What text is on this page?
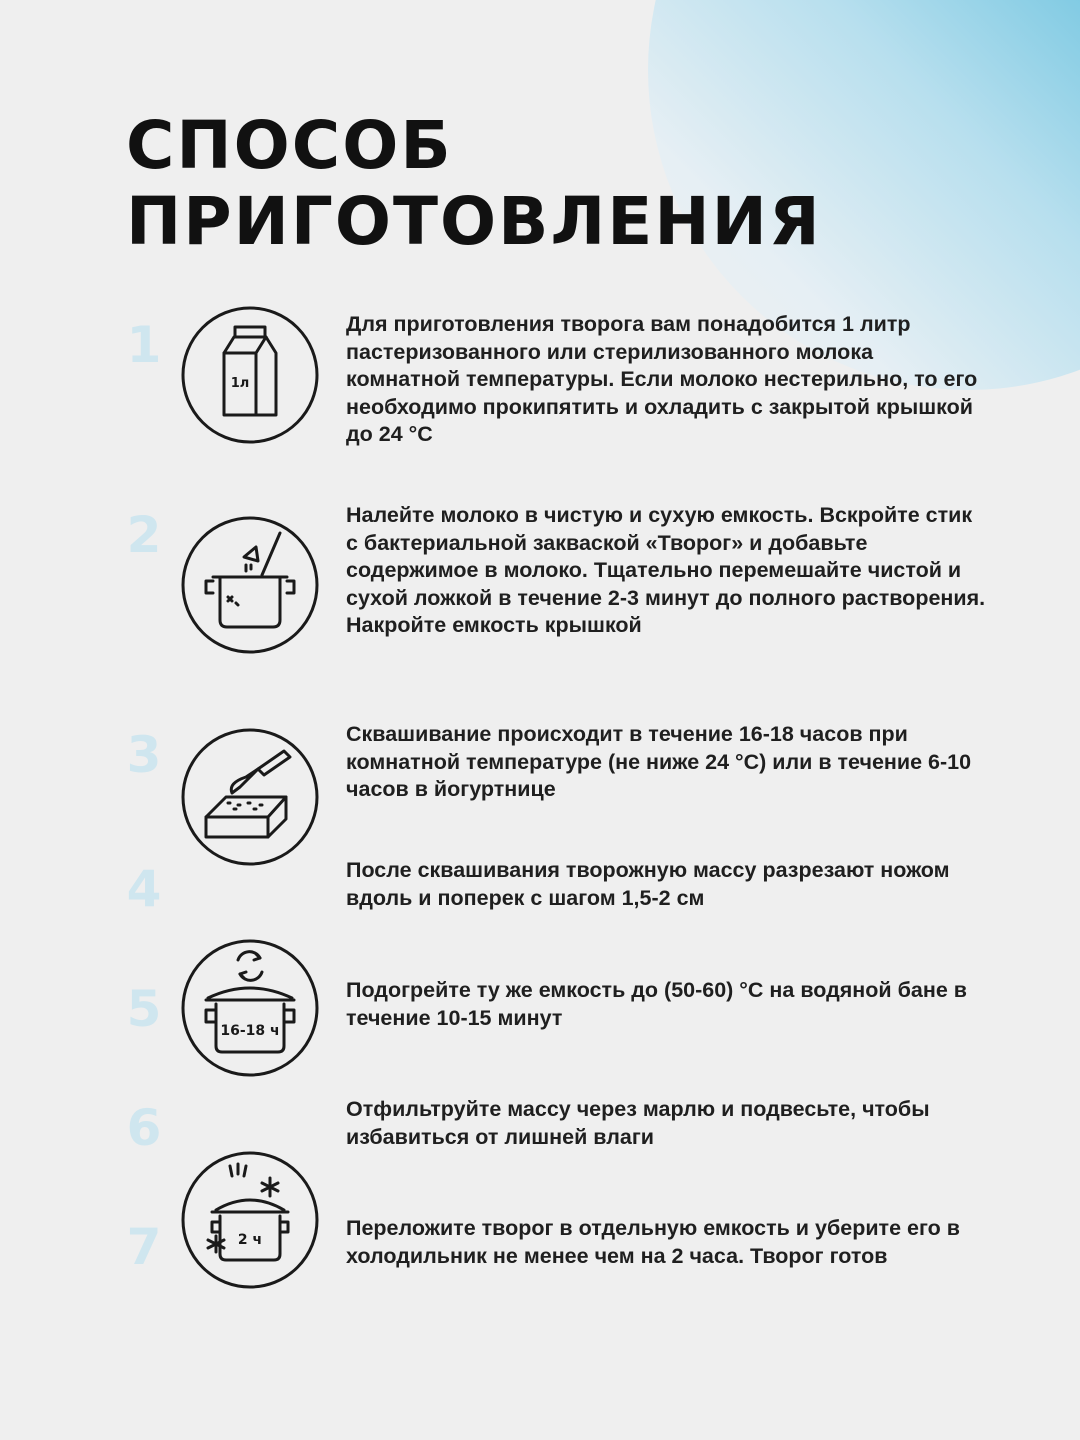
СПОСОБ
ПРИГОТОВЛЕНИЯ
1
2
3
4
5
6
7
1л
16-18 ч
2 ч

Для приготовления творога вам понадобится 1 литр пастеризованного или стерилизованного молока комнатной температуры. Если молоко нестерильно, то его необходимо прокипятить и охладить с закрытой крышкой до 24 °С

Налейте молоко в чистую и сухую емкость. Вскройте стик с бактериальной закваской «Творог» и добавьте содержимое в молоко. Тщательно перемешайте чистой и сухой ложкой в течение 2-3 минут до полного растворения. Накройте емкость крышкой

Сквашивание происходит в течение 16-18 часов при комнатной температуре (не ниже 24 °С) или в течение 6-10 часов в йогуртнице

После сквашивания творожную массу разрезают ножом вдоль и поперек с шагом 1,5-2 см

Подогрейте ту же емкость до (50-60) °С на водяной бане в течение 10-15 минут

Отфильтруйте массу через марлю и подвесьте, чтобы избавиться от лишней влаги

Переложите творог в отдельную емкость и уберите его в холодильник не менее чем на 2 часа. Творог готов
